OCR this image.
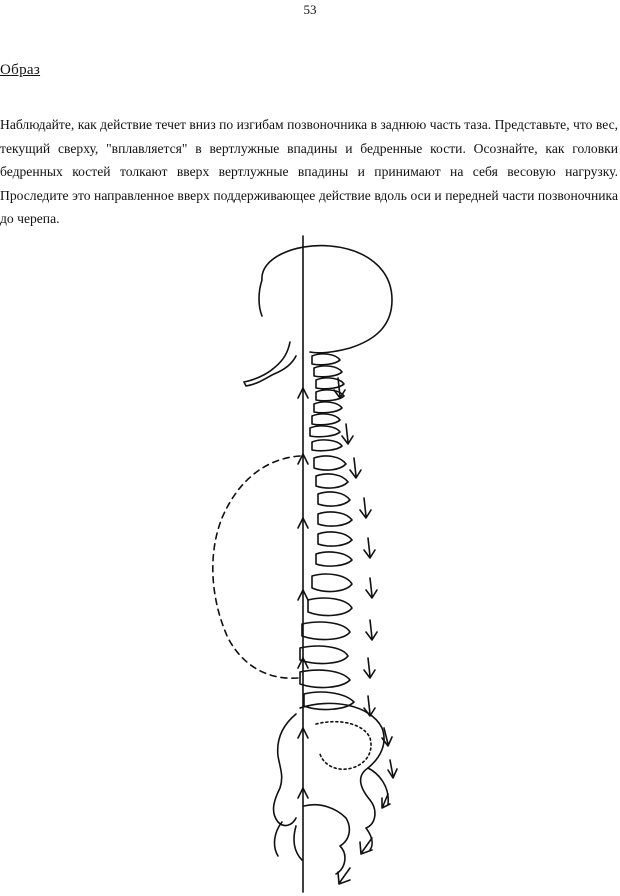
53
Образ

Наблюдайте, как действие течет вниз по изгибам позвоночника в заднюю часть таза. Представьте, что вес, текущий сверху, "вплавляется" в вертлужные впадины и бедренные кости. Осознайте, как головки бедренных костей толкают вверх вертлужные впадины и принимают на себя весовую нагрузку. Проследите это направленное вверх поддерживающее действие вдоль оси и передней части позвоночника до черепа.
